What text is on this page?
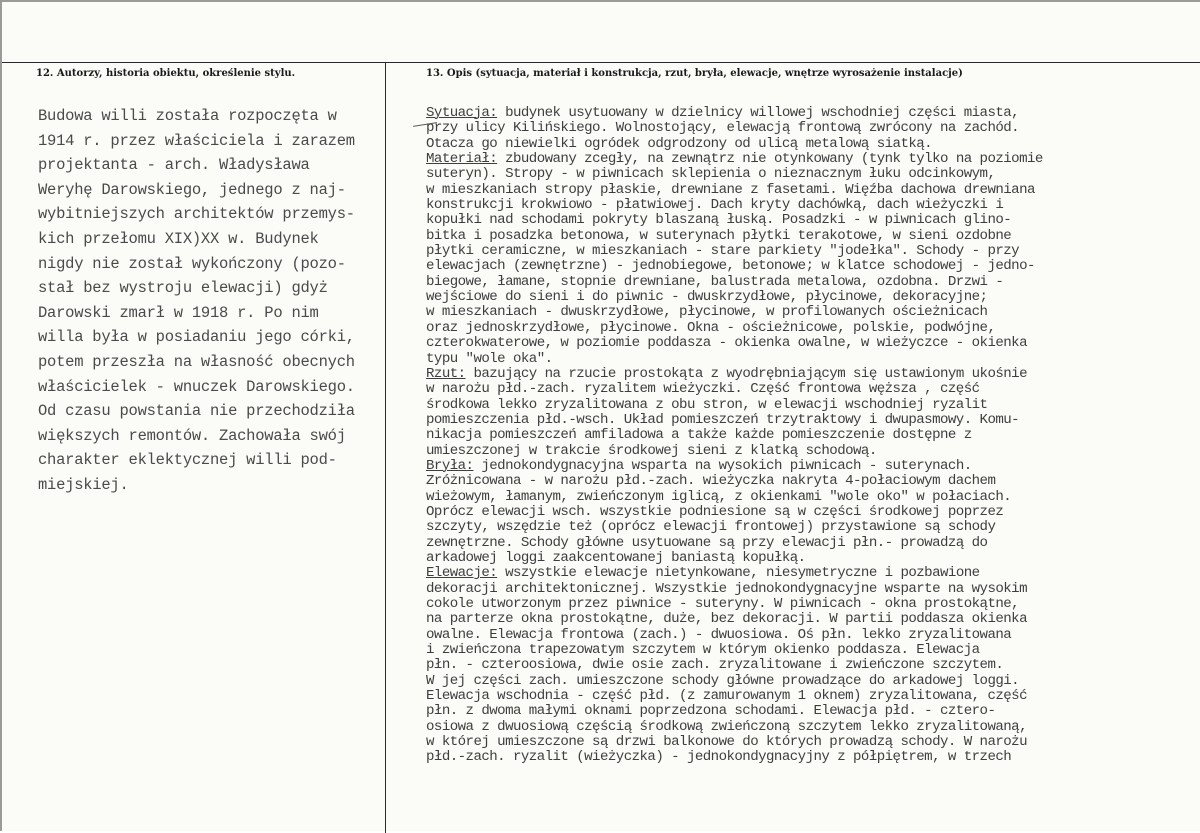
12. Autorzy, historia obiektu, określenie stylu.	13. Opis (sytuacja, materiał i konstrukcja, rzut, bryła, elewacje, wnętrze wyrosażenie instalacje)
Budowa willi została rozpoczęta w
1914 r. przez właściciela i zarazem
projektanta - arch. Władysława
Weryhę Darowskiego, jednego z naj-
wybitniejszych architektów przemys-
kich przełomu XIX)XX w. Budynek
nigdy nie został wykończony (pozo-
stał bez wystroju elewacji) gdyż
Darowski zmarł w 1918 r. Po nim
willa była w posiadaniu jego córki,
potem przeszła na własność obecnych
właścicielek - wnuczek Darowskiego.
Od czasu powstania nie przechodziła
większych remontów. Zachowała swój
charakter eklektycznej willi pod-
miejskiej.
Sytuacja: budynek usytuowany w dzielnicy willowej wschodniej części miasta,
przy ulicy Kilińskiego. Wolnostojący, elewacją frontową zwrócony na zachód.
Otacza go niewielki ogródek odgrodzony od ulicą metalową siatką.
Materiał: zbudowany zcegły, na zewnątrz nie otynkowany (tynk tylko na poziomie
suteryn). Stropy - w piwnicach sklepienia o nieznacznym łuku odcinkowym,
w mieszkaniach stropy płaskie, drewniane z fasetami. Więźba dachowa drewniana
konstrukcji krokwiowo - płatwiowej. Dach kryty dachówką, dach wieżyczki i
kopułki nad schodami pokryty blaszaną łuską. Posadzki - w piwnicach glino-
bitka i posadzka betonowa, w suterynach płytki terakotowe, w sieni ozdobne
płytki ceramiczne, w mieszkaniach - stare parkiety "jodełka". Schody - przy
elewacjach (zewnętrzne) - jednobiegowe, betonowe; w klatce schodowej - jedno-
biegowe, łamane, stopnie drewniane, balustrada metalowa, ozdobna. Drzwi -
wejściowe do sieni i do piwnic - dwuskrzydłowe, płycinowe, dekoracyjne;
w mieszkaniach - dwuskrzydłowe, płycinowe, w profilowanych ościeżnicach
oraz jednoskrzydłowe, płycinowe. Okna - ościeżnicowe, polskie, podwójne,
czterokwaterowe, w poziomie poddasza - okienka owalne, w wieżyczce - okienka
typu "wole oka".
Rzut: bazujący na rzucie prostokąta z wyodrębniającym się ustawionym ukośnie
w narożu płd.-zach. ryzalitem wieżyczki. Część frontowa węższa , część
środkowa lekko zryzalitowana z obu stron, w elewacji wschodniej ryzalit
pomieszczenia płd.-wsch. Układ pomieszczeń trzytraktowy i dwupasmowy. Komu-
nikacja pomieszczeń amfiladowa a także każde pomieszczenie dostępne z
umieszczonej w trakcie środkowej sieni z klatką schodową.
Bryła: jednokondygnacyjna wsparta na wysokich piwnicach - suterynach.
Zróżnicowana - w narożu płd.-zach. wieżyczka nakryta 4-połaciowym dachem
wieżowym, łamanym, zwieńczonym iglicą, z okienkami "wole oko" w połaciach.
Oprócz elewacji wsch. wszystkie podniesione są w części środkowej poprzez
szczyty, wszędzie też (oprócz elewacji frontowej) przystawione są schody
zewnętrzne. Schody główne usytuowane są przy elewacji płn.- prowadzą do
arkadowej loggi zaakcentowanej baniastą kopułką.
Elewacje: wszystkie elewacje nietynkowane, niesymetryczne i pozbawione
dekoracji architektonicznej. Wszystkie jednokondygnacyjne wsparte na wysokim
cokole utworzonym przez piwnice - suteryny. W piwnicach - okna prostokątne,
na parterze okna prostokątne, duże, bez dekoracji. W partii poddasza okienka
owalne. Elewacja frontowa (zach.) - dwuosiowa. Oś płn. lekko zryzalitowana
i zwieńczona trapezowatym szczytem w którym okienko poddasza. Elewacja
płn. - czteroosiowa, dwie osie zach. zryzalitowane i zwieńczone szczytem.
W jej części zach. umieszczone schody główne prowadzące do arkadowej loggi.
Elewacja wschodnia - część płd. (z zamurowanym 1 oknem) zryzalitowana, część
płn. z dwoma małymi oknami poprzedzona schodami. Elewacja płd. - cztero-
osiowa z dwuosiową częścią środkową zwieńczoną szczytem lekko zryzalitowaną,
w której umieszczone są drzwi balkonowe do których prowadzą schody. W narożu
płd.-zach. ryzalit (wieżyczka) - jednokondygnacyjny z półpiętrem, w trzech
